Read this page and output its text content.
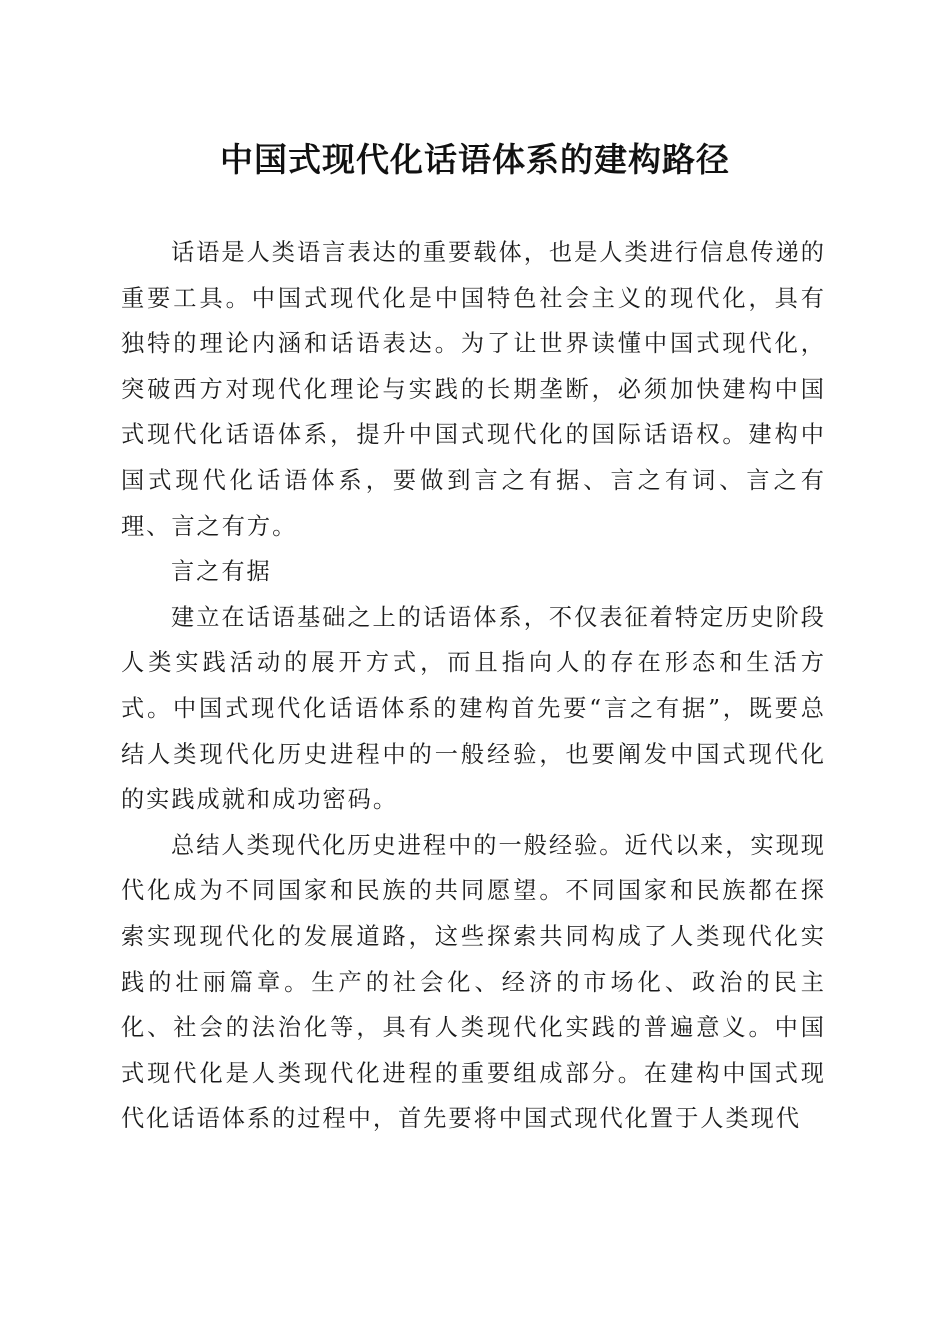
中国式现代化话语体系的建构路径

话语是人类语言表达的重要载体，也是人类进行信息传递的重要工具。中国式现代化是中国特色社会主义的现代化，具有独特的理论内涵和话语表达。为了让世界读懂中国式现代化，突破西方对现代化理论与实践的长期垄断，必须加快建构中国式现代化话语体系，提升中国式现代化的国际话语权。建构中国式现代化话语体系，要做到言之有据、言之有词、言之有理、言之有方。

言之有据

建立在话语基础之上的话语体系，不仅表征着特定历史阶段人类实践活动的展开方式，而且指向人的存在形态和生活方式。中国式现代化话语体系的建构首先要“言之有据”，既要总结人类现代化历史进程中的一般经验，也要阐发中国式现代化的实践成就和成功密码。

总结人类现代化历史进程中的一般经验。近代以来，实现现代化成为不同国家和民族的共同愿望。不同国家和民族都在探索实现现代化的发展道路，这些探索共同构成了人类现代化实践的壮丽篇章。生产的社会化、经济的市场化、政治的民主化、社会的法治化等，具有人类现代化实践的普遍意义。中国式现代化是人类现代化进程的重要组成部分。在建构中国式现代化话语体系的过程中，首先要将中国式现代化置于人类现代
